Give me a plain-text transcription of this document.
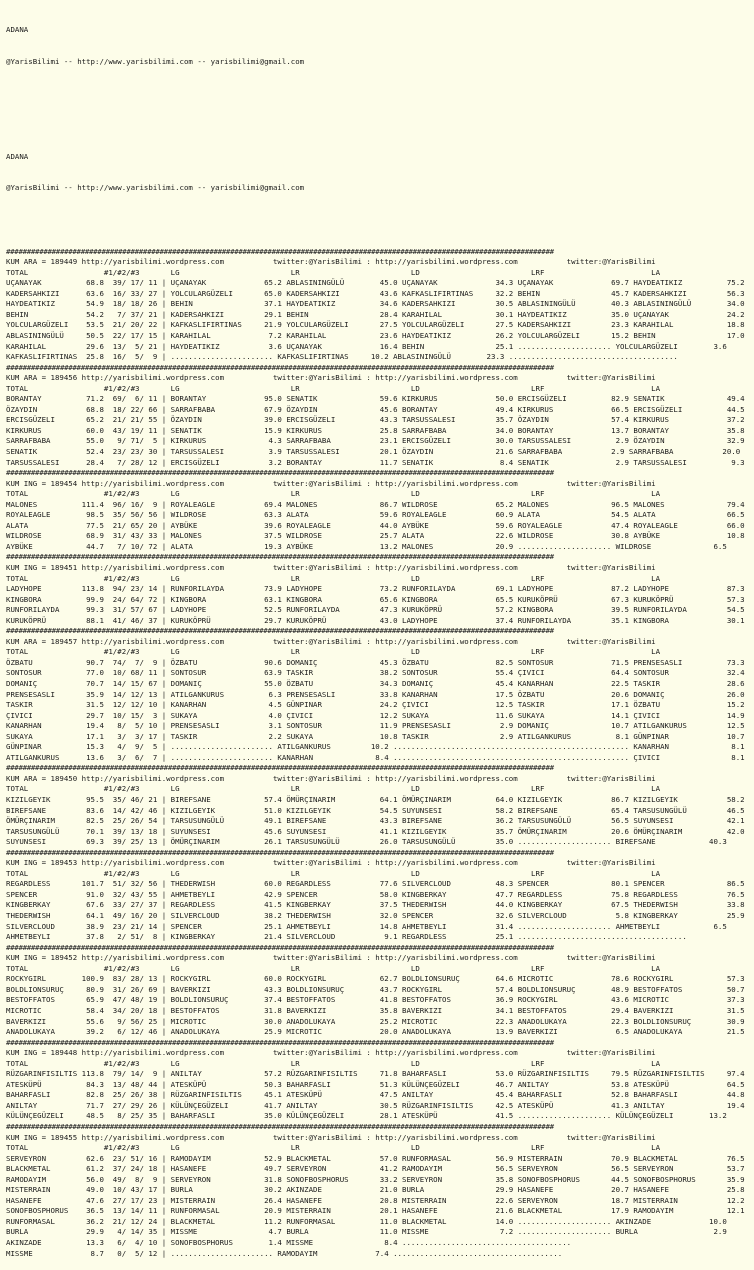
ADANA

@YarisBilimi -- http://www.yarisbilimi.com -- yarisbilimi@gmail.com

ADANA

@YarisBilimi -- http://www.yarisbilimi.com -- yarisbilimi@gmail.com

####################################################################################################################################
KUM ARA = 189449 http://yarisbilimi.wordpress.com           twitter:@YarisBilimi : http://yarisbilimi.wordpress.com           twitter:@YarisBilimi
TOTAL                 #1/#2/#3       LG                         LR                         LD                         LRF                        LA
UÇANAYAK          68.8  39/ 17/ 11 | UÇANAYAK             65.2 ABLASININGÜLÜ        45.0 UÇANAYAK             34.3 UÇANAYAK             69.7 HAYDEATIKIZ          75.2
KADERSAHKIZI      63.6  16/ 33/ 27 | YOLCULARGÜZELI       65.0 KADERSAHKIZI         43.6 KAFKASLIFIRTINAS     32.2 BEHIN                45.7 KADERSAHKIZI         56.3
HAYDEATIKIZ       54.9  18/ 18/ 26 | BEHIN                37.1 HAYDEATIKIZ          34.6 KADERSAHKIZI         30.5 ABLASININGÜLÜ        40.3 ABLASININGÜLÜ        34.0
BEHIN             54.2   7/ 37/ 21 | KADERSAHKIZI         29.1 BEHIN                28.4 KARAHILAL            30.1 HAYDEATIKIZ          35.0 UÇANAYAK             24.2
YOLCULARGÜZELI    53.5  21/ 20/ 22 | KAFKASLIFIRTINAS     21.9 YOLCULARGÜZELI       27.5 YOLCULARGÜZELI       27.5 KADERSAHKIZI         23.3 KARAHILAL            18.8
ABLASININGÜLÜ     50.5  22/ 17/ 15 | KARAHILAL             7.2 KARAHILAL            23.6 HAYDEATIKIZ          26.2 YOLCULARGÜZELI       15.2 BEHIN                17.0
KARAHILAL         29.6  13/  5/ 21 | HAYDEATIKIZ           3.6 UÇANAYAK             16.4 BEHIN                25.1 ..................... YOLCULARGÜZELI        3.6
KAFKASLIFIRTINAS  25.8  16/  5/  9 | ....................... KAFKASLIFIRTINAS     10.2 ABLASININGÜLÜ        23.3 ......................................
####################################################################################################################################
KUM ARA = 189456 http://yarisbilimi.wordpress.com           twitter:@YarisBilimi : http://yarisbilimi.wordpress.com           twitter:@YarisBilimi
TOTAL                 #1/#2/#3       LG                         LR                         LD                         LRF                        LA
BORANTAY          71.2  69/  6/ 11 | BORANTAY             95.0 SENATIK              59.6 KIRKURUS             50.0 ERCISGÜZELI          82.9 SENATIK              49.4
ÖZAYDIN           68.8  18/ 22/ 66 | SARRAFBABA           67.9 ÖZAYDIN              45.6 BORANTAY             49.4 KIRKURUS             66.5 ERCISGÜZELI          44.5
ERCISGÜZELI       65.2  21/ 21/ 55 | ÖZAYDIN              39.0 ERCISGÜZELI          43.3 TARSUSSALESI         35.7 ÖZAYDIN              57.4 KIRKURUS             37.2
KIRKURUS          60.0  43/ 19/ 11 | SENATIK              15.9 KIRKURUS             25.8 SARRAFBABA           34.0 BORANTAY             13.7 BORANTAY             35.8
SARRAFBABA        55.0   9/ 71/  5 | KIRKURUS              4.3 SARRAFBABA           23.1 ERCISGÜZELI          30.0 TARSUSSALESI          2.9 ÖZAYDIN              32.9
SENATIK           52.4  23/ 23/ 30 | TARSUSSALESI          3.9 TARSUSSALESI         20.1 ÖZAYDIN              21.6 SARRAFBABA           2.9 SARRAFBABA           20.0
TARSUSSALESI      28.4   7/ 28/ 12 | ERCISGÜZELI           3.2 BORANTAY             11.7 SENATIK               8.4 SENATIK               2.9 TARSUSSALESI          9.3
####################################################################################################################################
KUM ING = 189454 http://yarisbilimi.wordpress.com           twitter:@YarisBilimi : http://yarisbilimi.wordpress.com           twitter:@YarisBilimi
TOTAL                 #1/#2/#3       LG                         LR                         LD                         LRF                        LA
MALONES          111.4  96/ 16/  9 | ROYALEAGLE           69.4 MALONES              86.7 WILDROSE             65.2 MALONES              96.5 MALONES              79.4
ROYALEAGLE        98.5  35/ 56/ 56 | WILDROSE             63.3 ALATA                59.6 ROYALEAGLE           60.9 ALATA                54.5 ALATA                66.5
ALATA             77.5  21/ 65/ 20 | AYBÜKE               39.6 ROYALEAGLE           44.0 AYBÜKE               59.6 ROYALEAGLE           47.4 ROYALEAGLE           66.0
WILDROSE          68.9  31/ 43/ 33 | MALONES              37.5 WILDROSE             25.7 ALATA                22.6 WILDROSE             30.8 AYBÜKE               10.8
AYBÜKE            44.7   7/ 10/ 72 | ALATA                19.3 AYBÜKE               13.2 MALONES              20.9 ..................... WILDROSE              6.5
####################################################################################################################################
KUM ING = 189451 http://yarisbilimi.wordpress.com           twitter:@YarisBilimi : http://yarisbilimi.wordpress.com           twitter:@YarisBilimi
TOTAL                 #1/#2/#3       LG                         LR                         LD                         LRF                        LA
LADYHOPE         113.8  94/ 23/ 14 | RUNFORILAYDA         73.9 LADYHOPE             73.2 RUNFORILAYDA         69.1 LADYHOPE             87.2 LADYHOPE             87.3
KINGBORA          99.9  24/ 64/ 72 | KINGBORA             63.1 KINGBORA             65.6 KINGBORA             65.5 KURUKÖPRÜ            67.3 KURUKÖPRÜ            57.3
RUNFORILAYDA      99.3  31/ 57/ 67 | LADYHOPE             52.5 RUNFORILAYDA         47.3 KURUKÖPRÜ            57.2 KINGBORA             39.5 RUNFORILAYDA         54.5
KURUKÖPRÜ         88.1  41/ 46/ 37 | KURUKÖPRÜ            29.7 KURUKÖPRÜ            43.0 LADYHOPE             37.4 RUNFORILAYDA         35.1 KINGBORA             30.1
####################################################################################################################################
KUM ARA = 189457 http://yarisbilimi.wordpress.com           twitter:@YarisBilimi : http://yarisbilimi.wordpress.com           twitter:@YarisBilimi
TOTAL                 #1/#2/#3       LG                         LR                         LD                         LRF                        LA
ÖZBATU            90.7  74/  7/  9 | ÖZBATU               90.6 DOMANIÇ              45.3 ÖZBATU               82.5 SONTOSUR             71.5 PRENSESASLI          73.3
SONTOSUR          77.0  10/ 68/ 11 | SONTOSUR             63.9 TASKIR               38.2 SONTOSUR             55.4 ÇIVICI               64.4 SONTOSUR             32.4
DOMANIÇ           70.7  14/ 15/ 67 | DOMANIÇ              55.0 ÖZBATU               34.3 DOMANIÇ              45.4 KANARHAN             22.5 TASKIR               28.6
PRENSESASLI       35.9  14/ 12/ 13 | ATILGANKURUS          6.3 PRENSESASLI          33.8 KANARHAN             17.5 ÖZBATU               20.6 DOMANIÇ              26.0
TASKIR            31.5  12/ 12/ 10 | KANARHAN              4.5 GÜNPINAR             24.2 ÇIVICI               12.5 TASKIR               17.1 ÖZBATU               15.2
ÇIVICI            29.7  10/ 15/  3 | SUKAYA                4.0 ÇIVICI               12.2 SUKAYA               11.6 SUKAYA               14.1 ÇIVICI               14.9
KANARHAN          19.4   8/  5/ 10 | PRENSESASLI           3.1 SONTOSUR             11.9 PRENSESASLI           2.9 DOMANIÇ              10.7 ATILGANKURUS         12.5
SUKAYA            17.1   3/  3/ 17 | TASKIR                2.2 SUKAYA               10.8 TASKIR                2.9 ATILGANKURUS          8.1 GÜNPINAR             10.7
GÜNPINAR          15.3   4/  9/  5 | ....................... ATILGANKURUS         10.2 ..................................................... KANARHAN              8.1
ATILGANKURUS      13.6   3/  6/  7 | ....................... KANARHAN              8.4 ..................................................... ÇIVICI                8.1
####################################################################################################################################
KUM ARA = 189450 http://yarisbilimi.wordpress.com           twitter:@YarisBilimi : http://yarisbilimi.wordpress.com           twitter:@YarisBilimi
TOTAL                 #1/#2/#3       LG                         LR                         LD                         LRF                        LA
KIZILGEYIK        95.5  35/ 46/ 21 | BIREFSANE            57.4 ÖMÜRÇINARIM          64.1 ÖMÜRÇINARIM          64.0 KIZILGEYIK           86.7 KIZILGEYIK           58.2
BIREFSANE         83.6  14/ 42/ 46 | KIZILGEYIK           51.0 KIZILGEYIK           54.5 SUYUNSESI            58.2 BIREFSANE            65.4 TARSUSUNGÜLÜ         46.5
ÖMÜRÇINARIM       82.5  25/ 26/ 54 | TARSUSUNGÜLÜ         49.1 BIREFSANE            43.3 BIREFSANE            36.2 TARSUSUNGÜLÜ         56.5 SUYUNSESI            42.1
TARSUSUNGÜLÜ      70.1  39/ 13/ 18 | SUYUNSESI            45.6 SUYUNSESI            41.1 KIZILGEYIK           35.7 ÖMÜRÇINARIM          20.6 ÖMÜRÇINARIM          42.0
SUYUNSESI         69.3  39/ 25/ 13 | ÖMÜRÇINARIM          26.1 TARSUSUNGÜLÜ         26.0 TARSUSUNGÜLÜ         35.0 ..................... BIREFSANE            40.3
####################################################################################################################################
KUM ING = 189453 http://yarisbilimi.wordpress.com           twitter:@YarisBilimi : http://yarisbilimi.wordpress.com           twitter:@YarisBilimi
TOTAL                 #1/#2/#3       LG                         LR                         LD                         LRF                        LA
REGARDLESS       101.7  51/ 32/ 56 | THEDERWISH           60.0 REGARDLESS           77.6 SILVERCLOUD          48.3 SPENCER              80.1 SPENCER              86.5
SPENCER           91.0  32/ 43/ 55 | AHMETBEYLI           42.9 SPENCER              58.0 KINGBERKAY           47.7 REGARDLESS           75.8 REGARDLESS           76.5
KINGBERKAY        67.6  33/ 27/ 37 | REGARDLESS           41.5 KINGBERKAY           37.5 THEDERWISH           44.0 KINGBERKAY           67.5 THEDERWISH           33.8
THEDERWISH        64.1  49/ 16/ 20 | SILVERCLOUD          38.2 THEDERWISH           32.0 SPENCER              32.6 SILVERCLOUD           5.8 KINGBERKAY           25.9
SILVERCLOUD       38.9  23/ 21/ 14 | SPENCER              25.1 AHMETBEYLI           14.8 AHMETBEYLI           31.4 ..................... AHMETBEYLI            6.5
AHMETBEYLI        37.8   2/ 51/  8 | KINGBERKAY           21.4 SILVERCLOUD           9.1 REGARDLESS           25.1 ......................................
####################################################################################################################################
KUM ING = 189452 http://yarisbilimi.wordpress.com           twitter:@YarisBilimi : http://yarisbilimi.wordpress.com           twitter:@YarisBilimi
TOTAL                 #1/#2/#3       LG                         LR                         LD                         LRF                        LA
ROCKYGIRL        100.9  83/ 28/ 13 | ROCKYGIRL            60.0 ROCKYGIRL            62.7 BOLDLIONSURUÇ        64.6 MICROTIC             78.6 ROCKYGIRL            57.3
BOLDLIONSURUÇ     80.9  31/ 26/ 69 | BAVERKIZI            43.3 BOLDLIONSURUÇ        43.7 ROCKYGIRL            57.4 BOLDLIONSURUÇ        48.9 BESTOFFATOS          50.7
BESTOFFATOS       65.9  47/ 48/ 19 | BOLDLIONSURUÇ        37.4 BESTOFFATOS          41.8 BESTOFFATOS          36.9 ROCKYGIRL            43.6 MICROTIC             37.3
MICROTIC          58.4  34/ 20/ 18 | BESTOFFATOS          31.8 BAVERKIZI            35.8 BAVERKIZI            34.1 BESTOFFATOS          29.4 BAVERKIZI            31.5
BAVERKIZI         55.6   9/ 56/ 25 | MICROTIC             30.0 ANADOLUKAYA          25.2 MICROTIC             22.3 ANADOLUKAYA          22.3 BOLDLIONSURUÇ        30.9
ANADOLUKAYA       39.2   6/ 12/ 46 | ANADOLUKAYA          25.9 MICROTIC             20.0 ANADOLUKAYA          13.9 BAVERKIZI             6.5 ANADOLUKAYA          21.5
####################################################################################################################################
KUM ING = 189448 http://yarisbilimi.wordpress.com           twitter:@YarisBilimi : http://yarisbilimi.wordpress.com           twitter:@YarisBilimi
TOTAL                 #1/#2/#3       LG                         LR                         LD                         LRF                        LA
RÜZGARINFISILTIS 113.8  79/ 14/  9 | ANILTAY              57.2 RÜZGARINFISILTIS     71.8 BAHARFASLI           53.0 RÜZGARINFISILTIS     79.5 RÜZGARINFISILTIS     97.4
ATESKÜPÜ          84.3  13/ 48/ 44 | ATESKÜPÜ             50.3 BAHARFASLI           51.3 KÜLÜNÇEGÜZELI        46.7 ANILTAY              53.8 ATESKÜPÜ             64.5
BAHARFASLI        82.8  25/ 26/ 38 | RÜZGARINFISILTIS     45.1 ATESKÜPÜ             47.5 ANILTAY              45.4 BAHARFASLI           52.8 BAHARFASLI           44.8
ANILTAY           71.7  27/ 29/ 26 | KÜLÜNÇEGÜZELI        41.7 ANILTAY              30.5 RÜZGARINFISILTIS     42.5 ATESKÜPÜ             41.3 ANILTAY              19.4
KÜLÜNÇEGÜZELI     48.5   8/ 25/ 35 | BAHARFASLI           35.0 KÜLÜNÇEGÜZELI        28.1 ATESKÜPÜ             41.5 ..................... KÜLÜNÇEGÜZELI        13.2
####################################################################################################################################
KUM ING = 189455 http://yarisbilimi.wordpress.com           twitter:@YarisBilimi : http://yarisbilimi.wordpress.com           twitter:@YarisBilimi
TOTAL                 #1/#2/#3       LG                         LR                         LD                         LRF                        LA
SERVEYRON         62.6  23/ 51/ 16 | RAMODAYIM            52.9 BLACKMETAL           57.0 RUNFORMASAL          56.9 MISTERRAIN           70.9 BLACKMETAL           76.5
BLACKMETAL        61.2  37/ 24/ 18 | HASANEFE             49.7 SERVEYRON            41.2 RAMODAYIM            56.5 SERVEYRON            56.5 SERVEYRON            53.7
RAMODAYIM         56.0  49/  8/  9 | SERVEYRON            31.8 SONOFBOSPHORUS       33.2 SERVEYRON            35.8 SONOFBOSPHORUS       44.5 SONOFBOSPHORUS       35.9
MISTERRAIN        49.0  10/ 43/ 17 | BURLA                30.2 AKINZADE             21.0 BURLA                29.9 HASANEFE             20.7 HASANEFE             25.8
HASANEFE          47.6  27/ 17/ 23 | MISTERRAIN           26.4 HASANEFE             20.8 MISTERRAIN           22.6 SERVEYRON            18.7 MISTERRAIN           12.2
SONOFBOSPHORUS    36.5  13/ 14/ 11 | RUNFORMASAL          20.9 MISTERRAIN           20.1 HASANEFE             21.6 BLACKMETAL           17.9 RAMODAYIM            12.1
RUNFORMASAL       36.2  21/ 12/ 24 | BLACKMETAL           11.2 RUNFORMASAL          11.0 BLACKMETAL           14.0 ..................... AKINZADE             10.0
BURLA             29.9   4/ 14/ 35 | MISSME                4.7 BURLA                11.0 MISSME                7.2 ..................... BURLA                 2.9
AKINZADE          13.3   6/  4/ 10 | SONOFBOSPHORUS        1.4 MISSME                8.4 ......................................
MISSME             8.7   0/  5/ 12 | ....................... RAMODAYIM             7.4 ......................................
